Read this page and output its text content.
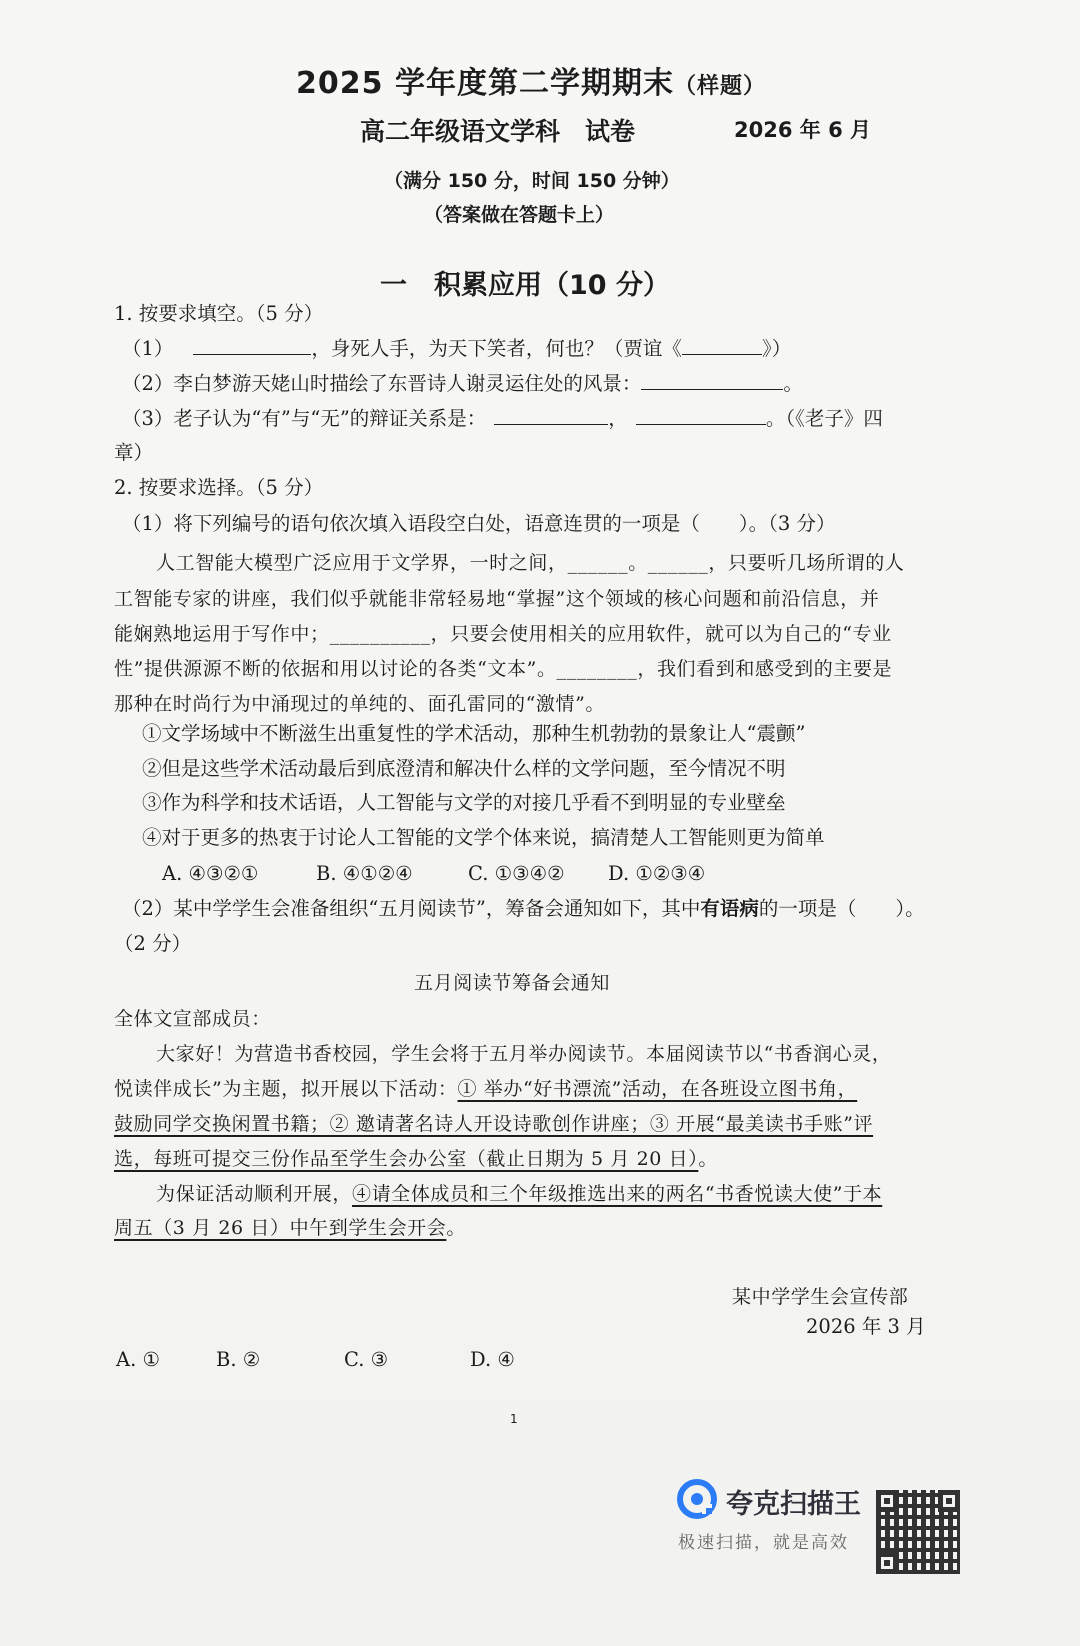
2025 学年度第二学期期末（样题）
高二年级语文学科　试卷	2026 年 6 月
（满分 150 分，时间 150 分钟）
（答案做在答题卡上）
一　积累应用（10 分）
1. 按要求填空。（5 分）
（1）	，身死人手，为天下笑者，何也？（贾谊《	》）
（2）李白梦游天姥山时描绘了东晋诗人谢灵运住处的风景：	。
（3）老子认为“有”与“无”的辩证关系是：	，	。（《老子》四
章）
2. 按要求选择。（5 分）
（1）将下列编号的语句依次填入语段空白处，语意连贯的一项是（　　）。（3 分）
人工智能大模型广泛应用于文学界，一时之间，______。______，只要听几场所谓的人
工智能专家的讲座，我们似乎就能非常轻易地“掌握”这个领域的核心问题和前沿信息，并
能娴熟地运用于写作中；__________，只要会使用相关的应用软件，就可以为自己的“专业
性”提供源源不断的依据和用以讨论的各类“文本”。________，我们看到和感受到的主要是
那种在时尚行为中涌现过的单纯的、面孔雷同的“激情”。
①文学场域中不断滋生出重复性的学术活动，那种生机勃勃的景象让人“震颤”
②但是这些学术活动最后到底澄清和解决什么样的文学问题，至今情况不明
③作为科学和技术话语，人工智能与文学的对接几乎看不到明显的专业壁垒
④对于更多的热衷于讨论人工智能的文学个体来说，搞清楚人工智能则更为简单
A. ④③②①	B. ④①②④	C. ①③④② D. ①②③④
（2）某中学学生会准备组织“五月阅读节”，筹备会通知如下，其中有语病的一项是（　　）。
（2 分）
五月阅读节筹备会通知
全体文宣部成员：
大家好！为营造书香校园，学生会将于五月举办阅读节。本届阅读节以“书香润心灵，
悦读伴成长”为主题，拟开展以下活动：① 举办“好书漂流”活动，在各班设立图书角，
鼓励同学交换闲置书籍；② 邀请著名诗人开设诗歌创作讲座；③ 开展“最美读书手账”评
选，每班可提交三份作品至学生会办公室（截止日期为 5 月 20 日）。
为保证活动顺利开展，④请全体成员和三个年级推选出来的两名“书香悦读大使”于本
周五（3 月 26 日）中午到学生会开会。
某中学学生会宣传部
2026 年 3 月
A. ①	B. ②	C. ③	D. ④
1
夸克扫描王
极速扫描，就是高效
